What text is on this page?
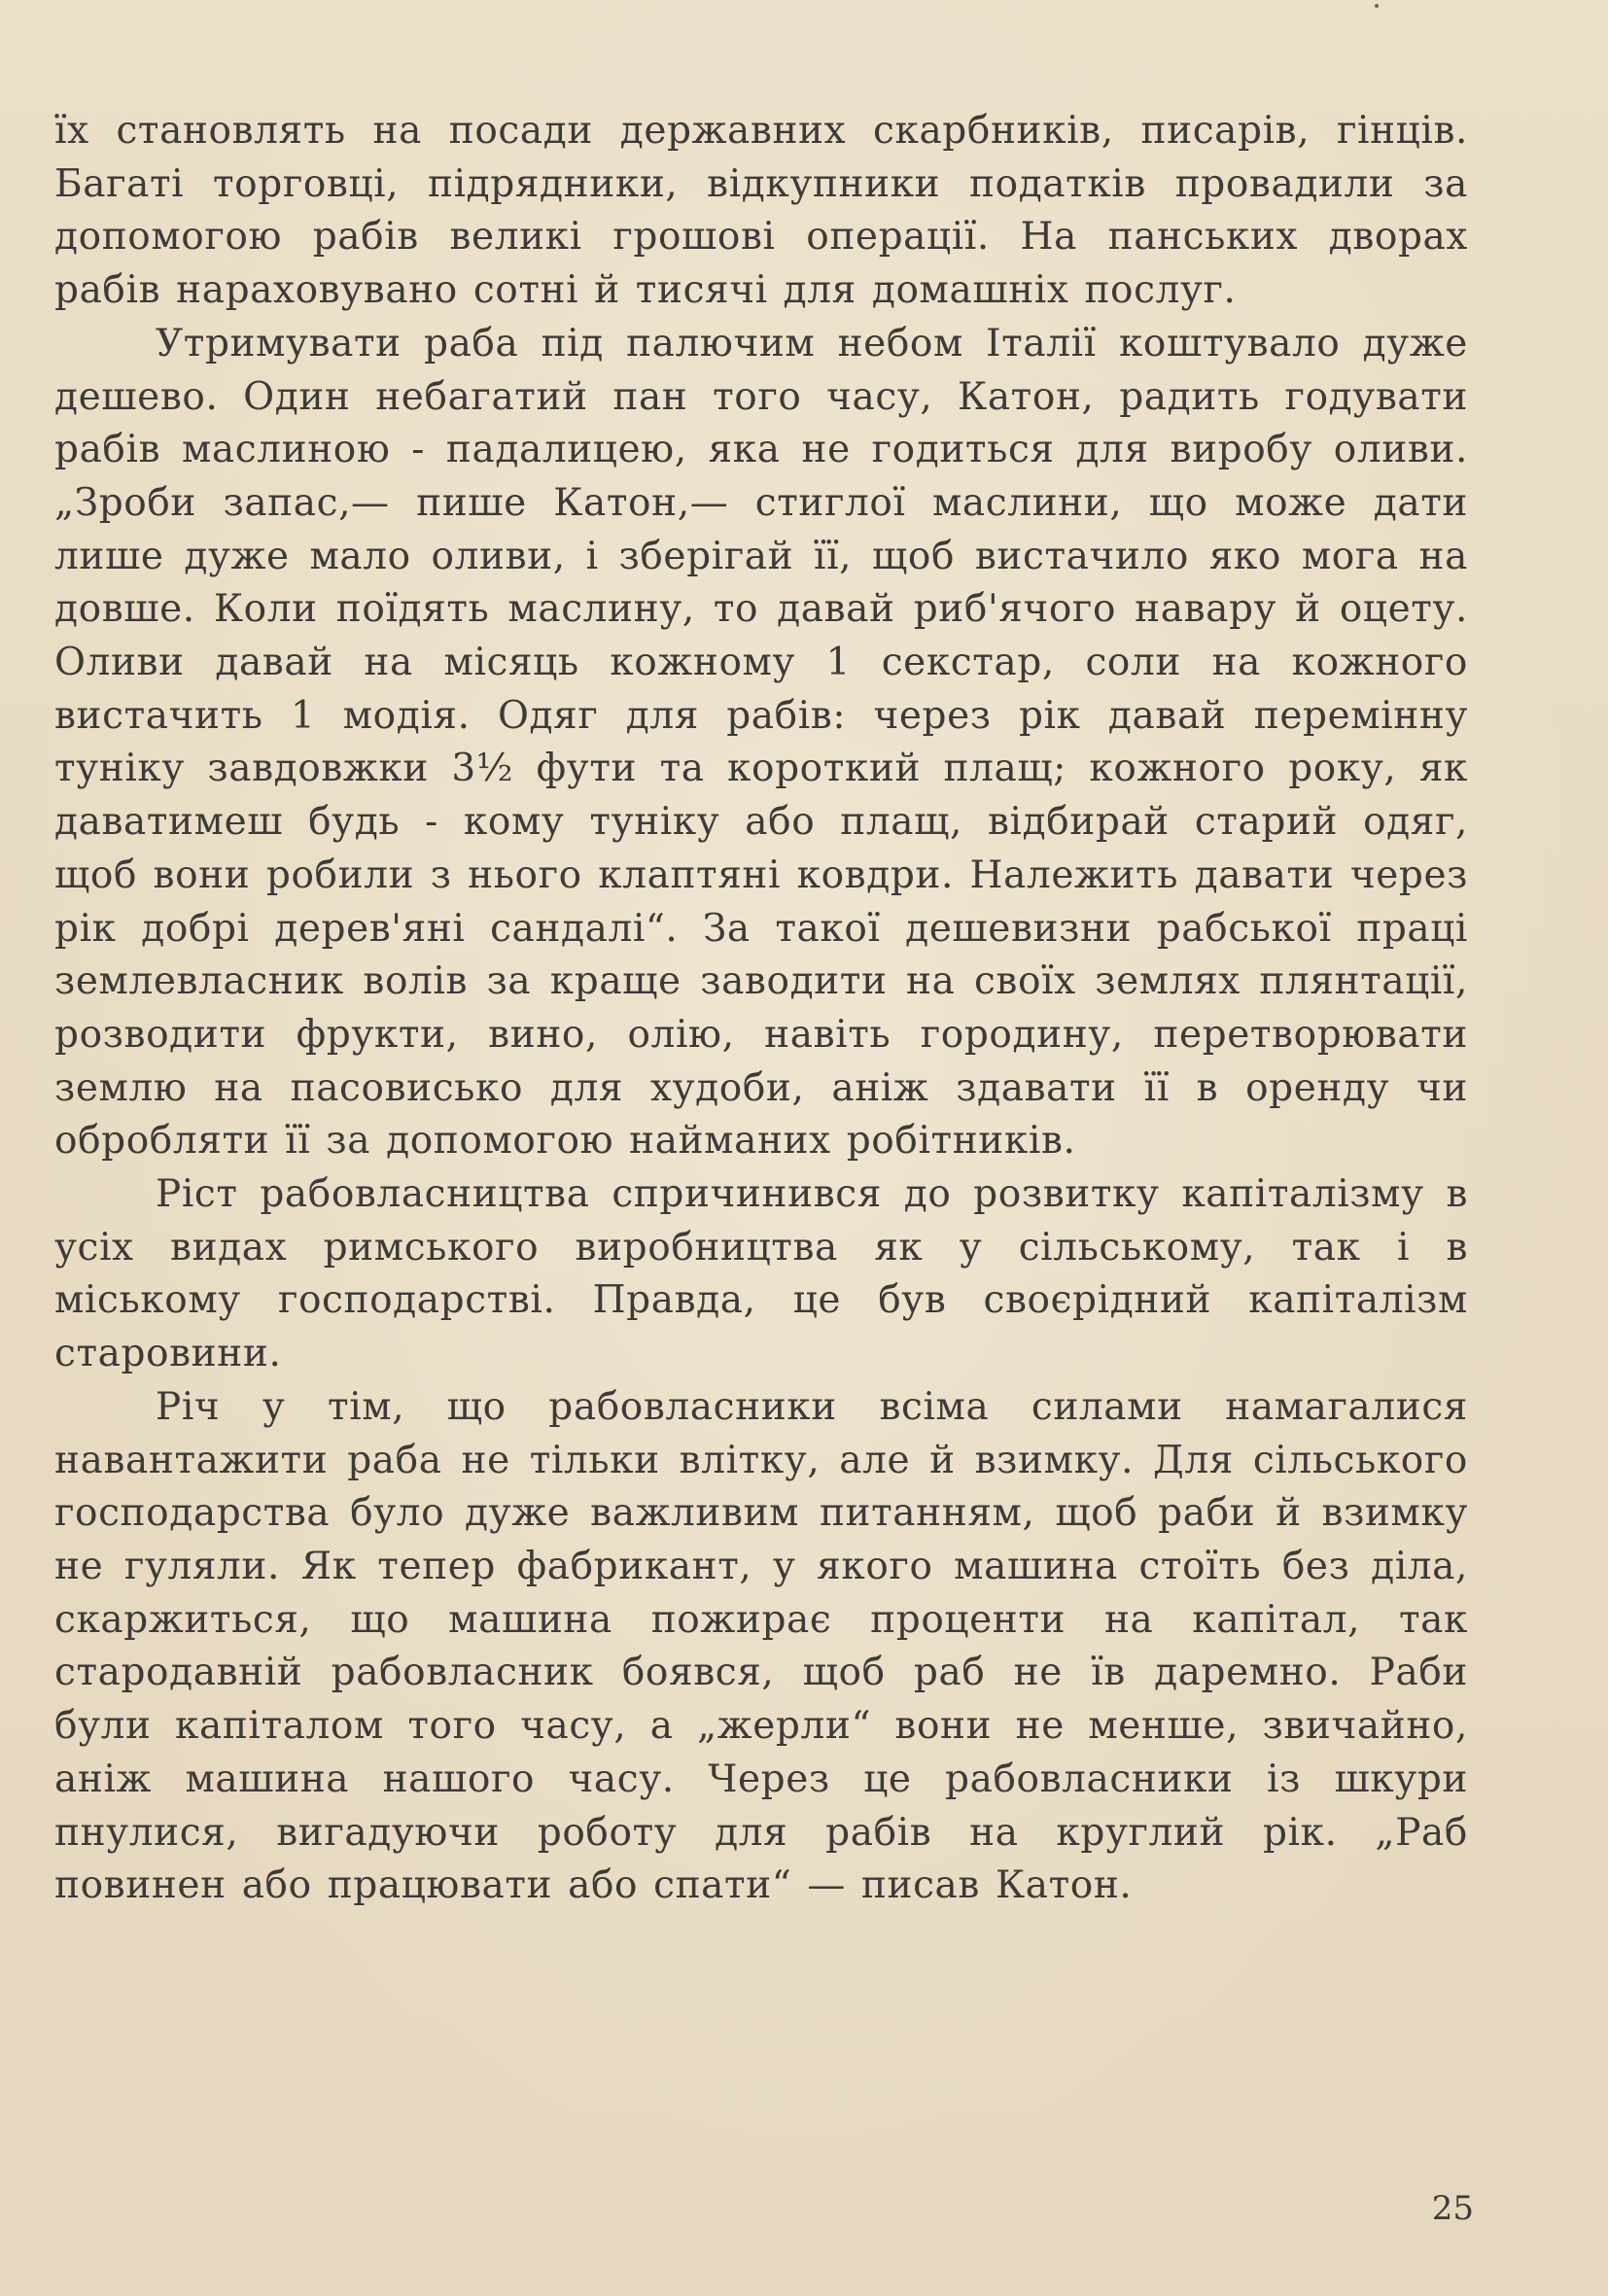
їх становлять на посади державних скарбників, писарів, гінців. Багаті торговці, підрядники, відкупники податків провадили за допомогою рабів великі грошові операції. На панських дворах рабів нараховувано сотні й тисячі для домашніх послуг.

Утримувати раба під палючим небом Італії коштувало дуже дешево. Один небагатий пан того часу, Катон, радить годувати рабів маслиною - падалицею, яка не годиться для виробу оливи. „Зроби запас,— пише Катон,— стиглої маслини, що може дати лише дуже мало оливи, і зберігай її, щоб вистачило яко мога на довше. Коли поїдять маслину, то давай риб'ячого навару й оцету. Оливи давай на місяць кожному 1 секстар, соли на кожного вистачить 1 модія. Одяг для рабів: через рік давай перемінну туніку завдовжки 3½ фути та короткий плащ; кожного року, як даватимеш будь - кому туніку або плащ, відбирай старий одяг, щоб вони робили з нього клаптяні ковдри. Належить давати через рік добрі дерев'яні сандалі“. За такої дешевизни рабської праці землевласник волів за краще заводити на своїх землях плянтації, розводити фрукти, вино, олію, навіть городину, перетворювати землю на пасовисько для худоби, аніж здавати її в оренду чи обробляти її за допомогою найманих робітників.

Ріст рабовласництва спричинився до розвитку капіталізму в усіх видах римського виробництва як у сільському, так і в міському господарстві. Правда, це був своєрідний капіталізм старовини.

Річ у тім, що рабовласники всіма силами намагалися навантажити раба не тільки влітку, але й взимку. Для сільського господарства було дуже важливим питанням, щоб раби й взимку не гуляли. Як тепер фабрикант, у якого машина стоїть без діла, скаржиться, що машина пожирає проценти на капітал, так стародавній рабовласник боявся, щоб раб не їв даремно. Раби були капіталом того часу, а „жерли“ вони не менше, звичайно, аніж машина нашого часу. Через це рабовласники із шкури пнулися, вигадуючи роботу для рабів на круглий рік. „Раб повинен або працювати або спати“ — писав Катон.

25
